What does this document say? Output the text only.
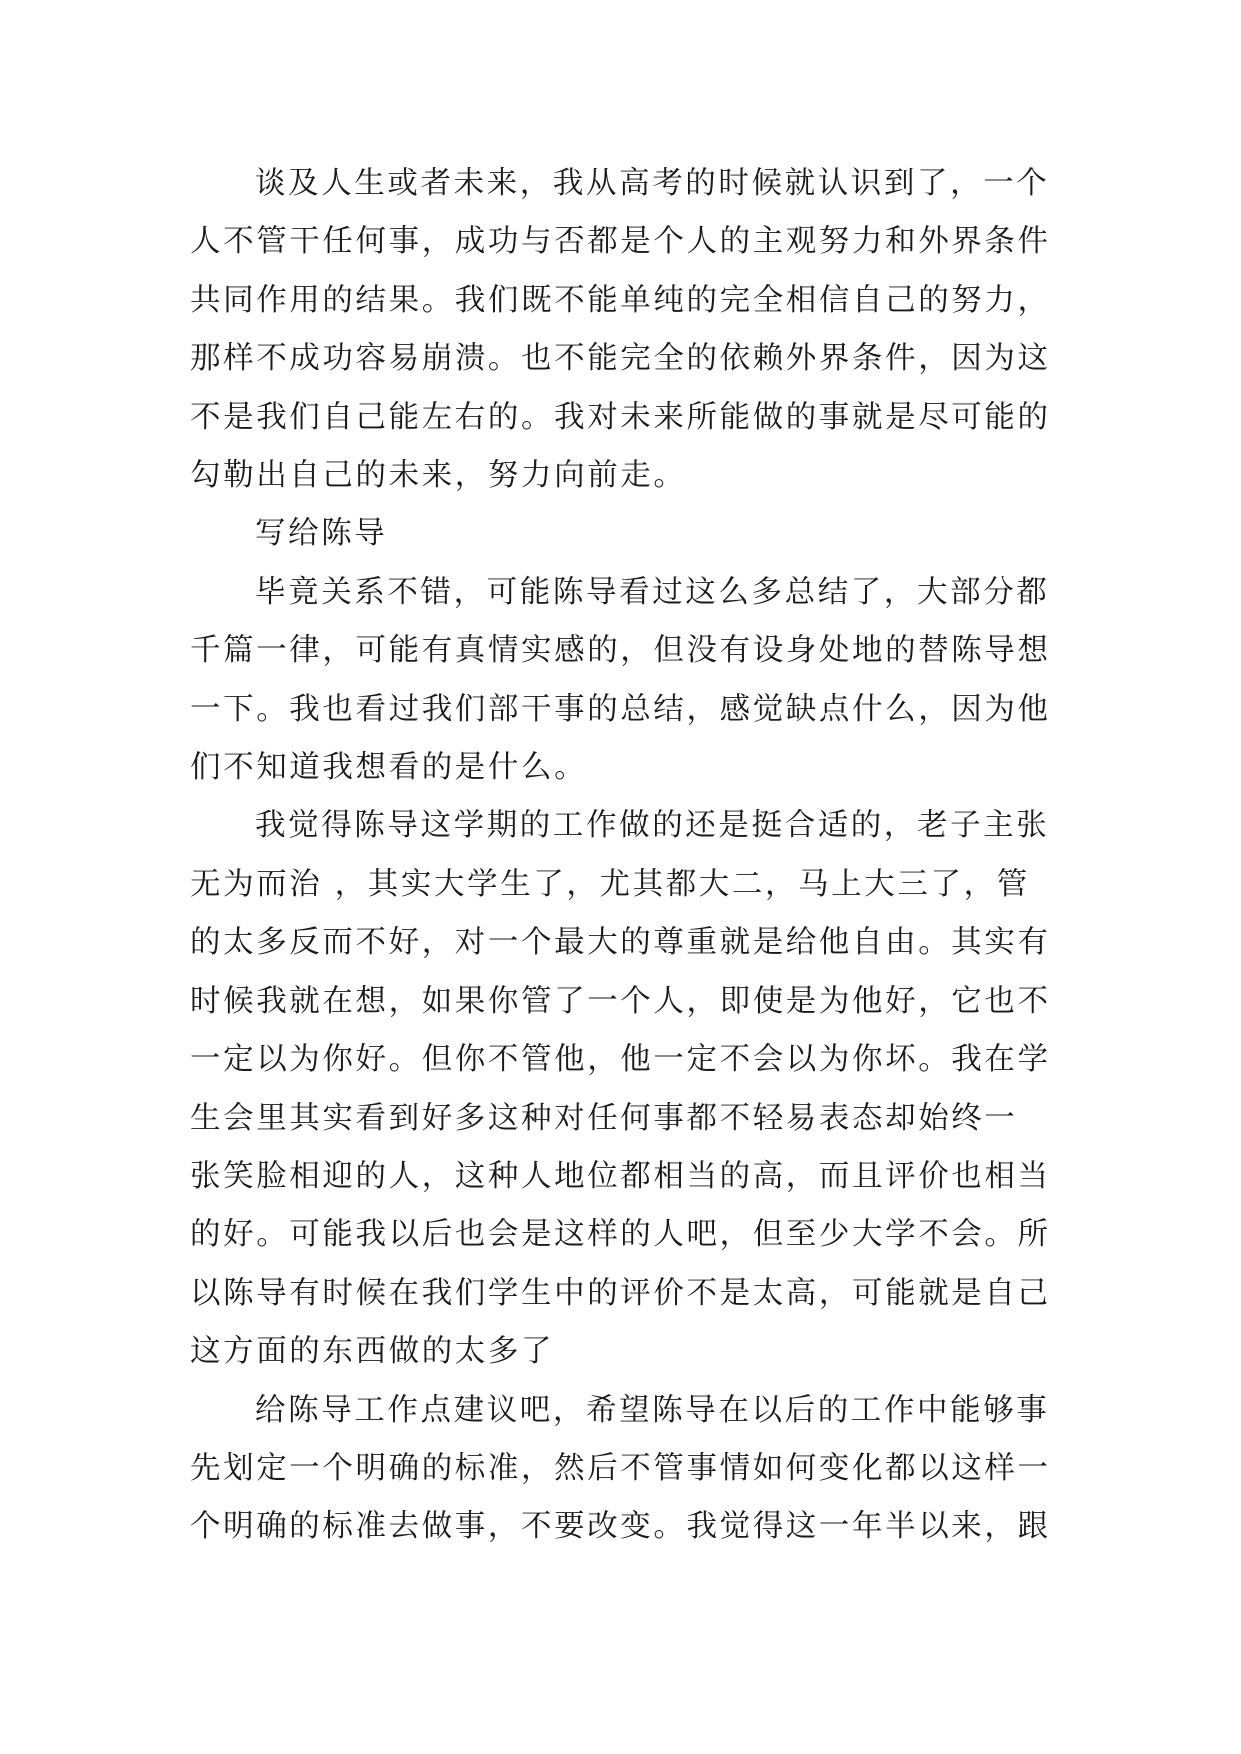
谈及人生或者未来，我从高考的时候就认识到了，一个
人不管干任何事，成功与否都是个人的主观努力和外界条件
共同作用的结果。我们既不能单纯的完全相信自己的努力，
那样不成功容易崩溃。也不能完全的依赖外界条件，因为这
不是我们自己能左右的。我对未来所能做的事就是尽可能的
勾勒出自己的未来，努力向前走。

写给陈导

毕竟关系不错，可能陈导看过这么多总结了，大部分都
千篇一律，可能有真情实感的，但没有设身处地的替陈导想
一下。我也看过我们部干事的总结，感觉缺点什么，因为他
们不知道我想看的是什么。

我觉得陈导这学期的工作做的还是挺合适的，老子主张
无为而治 ，其实大学生了，尤其都大二，马上大三了，管
的太多反而不好，对一个最大的尊重就是给他自由。其实有
时候我就在想，如果你管了一个人，即使是为他好，它也不
一定以为你好。但你不管他，他一定不会以为你坏。我在学
生会里其实看到好多这种对任何事都不轻易表态却始终一
张笑脸相迎的人，这种人地位都相当的高，而且评价也相当
的好。可能我以后也会是这样的人吧，但至少大学不会。所
以陈导有时候在我们学生中的评价不是太高，可能就是自己
这方面的东西做的太多了

给陈导工作点建议吧，希望陈导在以后的工作中能够事
先划定一个明确的标准，然后不管事情如何变化都以这样一
个明确的标准去做事，不要改变。我觉得这一年半以来，跟
